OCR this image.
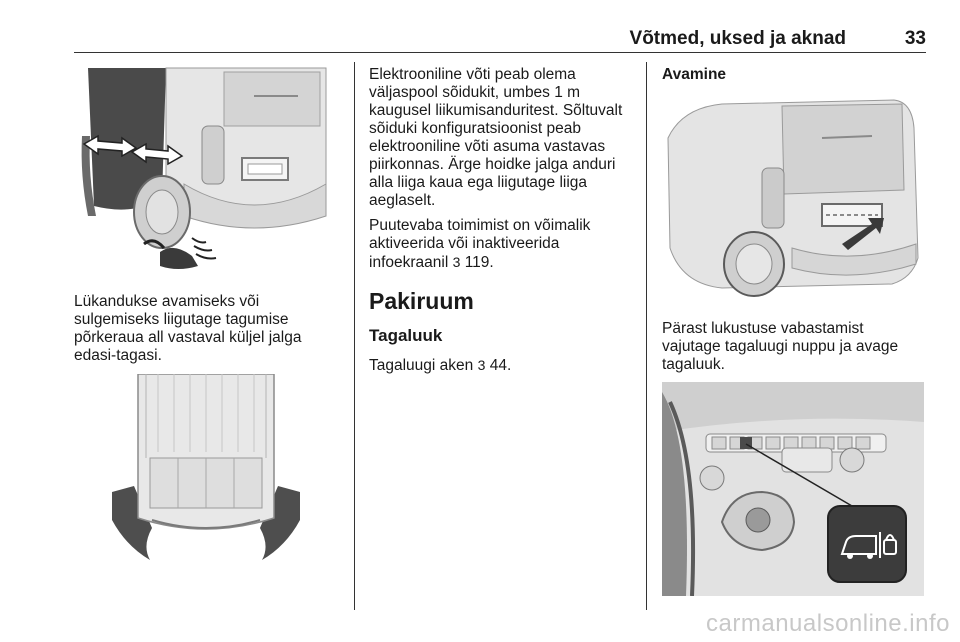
Võtmed, uksed ja aknad	33

Lükandukse avamiseks või
sulgemiseks liigutage tagumise
põrkeraua all vastaval küljel jalga
edasi-tagasi.

Elektrooniline võti peab olema
väljaspool sõidukit, umbes 1 m
kaugusel liikumisanduritest. Sõltuvalt
sõiduki konfiguratsioonist peab
elektrooniline võti asuma vastavas
piirkonnas. Ärge hoidke jalga anduri
alla liiga kaua ega liigutage liiga
aeglaselt.

Puutevaba toimimist on võimalik
aktiveerida või inaktiveerida
infoekraanil 3 119.

Pakiruum
Tagaluuk

Tagaluugi aken 3 44.

Avamine

Pärast lukustuse vabastamist
vajutage tagaluugi nuppu ja avage
tagaluuk.

carmanualsonline.info
